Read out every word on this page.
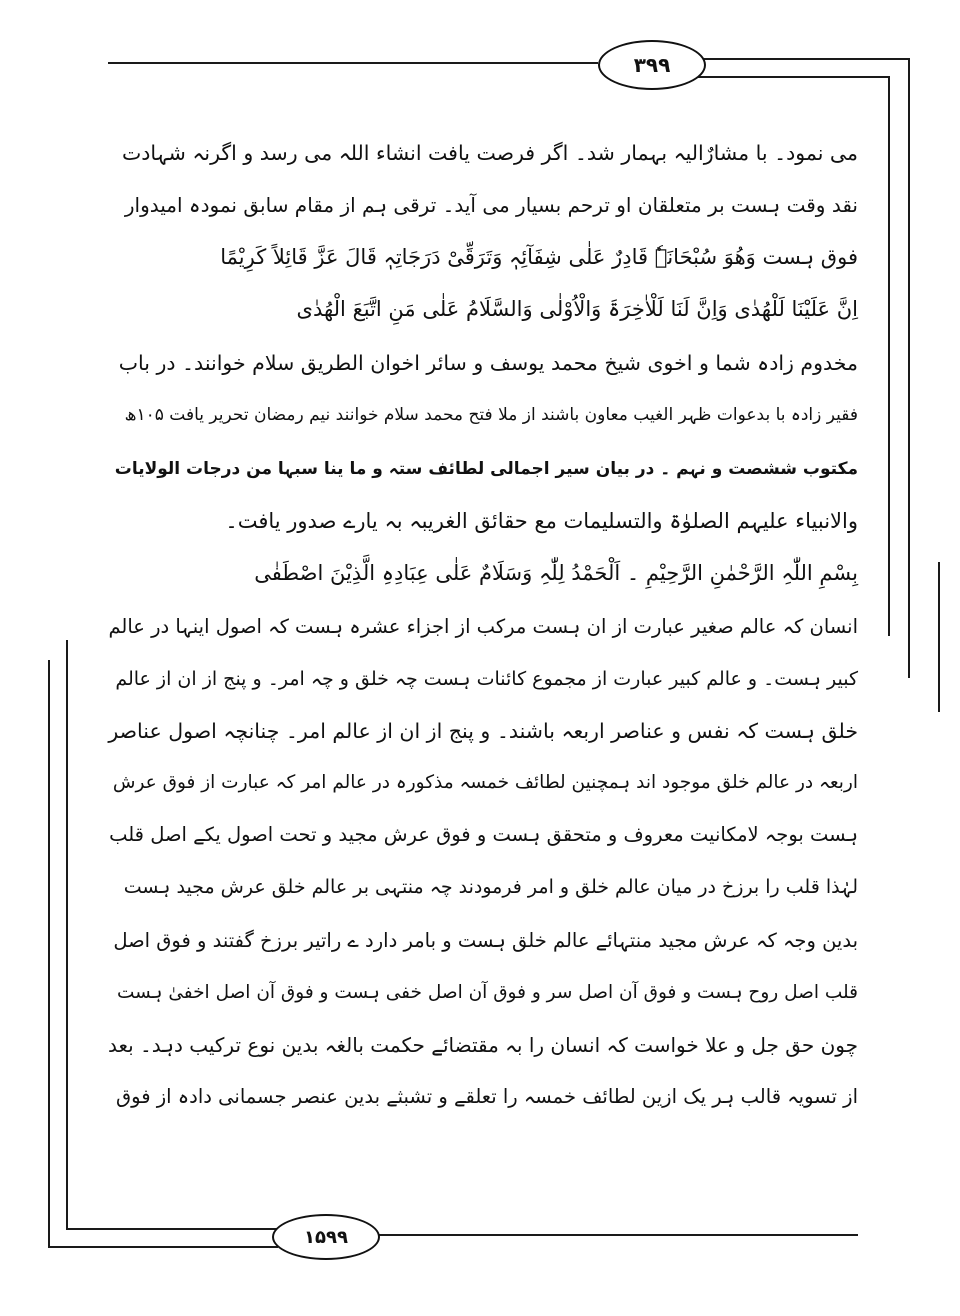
۳۹۹
۱۵۹۹
می نمود۔ با مشارٌالیہ بہمار شد۔ اگر فرصت یافت انشاء اللہ می رسد و اگرنہ شہادت
نقد وقت ہست بر متعلقان او ترحم بسیار می آید۔ ترقی ہم از مقام سابق نمودہ امیدوار
فوق ہست وَھُوَ سُبْحَانَہٗ قَادِرٌ عَلٰی شِفَآئِہٖ وَتَرَقِّیْ دَرَجَاتِہٖ قَالَ عَزَّ قَائِلاً کَرِیْمًا
اِنَّ عَلَیْنَا لَلْھُدٰی وَاِنَّ لَنَا لَلْاٰخِرَۃَ وَالْاُوْلٰی وَالسَّلَامُ عَلٰی مَنِ اتَّبَعَ الْھُدٰی
مخدوم زادہ شما و اخوی شیخ محمد یوسف و سائر اخوان الطریق سلام خوانند۔ در باب
فقیر زادہ با بدعوات ظہر الغیب معاون باشند از ملا فتح محمد سلام خوانند نیم رمضان تحریر یافت ۱۰۵ھ
مکتوب ششصت و نہم ۔ در بیان سیر اجمالی لطائف ستہ و ما ینا سبہا من درجات الولایات
والانبیاء علیہم الصلوٰۃ والتسلیمات مع حقائق الغریبہ بہ یارے صدور یافت۔
بِسْمِ اللّٰہِ الرَّحْمٰنِ الرَّحِیْمِ ۔ اَلْحَمْدُ لِلّٰہِ وَسَلَامٌ عَلٰی عِبَادِہِ الَّذِیْنَ اصْطَفٰی
انسان کہ عالم صغیر عبارت از ان ہست مرکب از اجزاء عشرہ ہست کہ اصول اینہا در عالم
کبیر ہست۔ و عالم کبیر عبارت از مجموع کائنات ہست چہ خلق و چہ امر۔ و پنج از ان از عالم
خلق ہست کہ نفس و عناصر اربعہ باشند۔ و پنج از ان از عالم امر۔ چنانچہ اصول عناصر
اربعہ در عالم خلق موجود اند ہمچنین لطائف خمسہ مذکورہ در عالم امر کہ عبارت از فوق عرش
ہست بوجہ لامکانیت معروف و متحقق ہست و فوق عرش مجید و تحت اصول یکے اصل قلب
لہٰذا قلب را برزخ در میان عالم خلق و امر فرمودند چہ منتہی بر عالم خلق عرش مجید ہست
بدین وجہ کہ عرش مجید منتہائے عالم خلق ہست و بامر دارد ے راتیر برزخ گفتند و فوق اصل
قلب اصل روح ہست و فوق آن اصل سر و فوق آن اصل خفی ہست و فوق آن اصل اخفیٰ ہست
چون حق جل و علا خواست کہ انسان را بہ مقتضائے حکمت بالغہ بدین نوع ترکیب دہد۔ بعد
از تسویہ قالب ہر یک ازین لطائف خمسہ را تعلقے و تشبثے بدین عنصر جسمانی دادہ از فوق
